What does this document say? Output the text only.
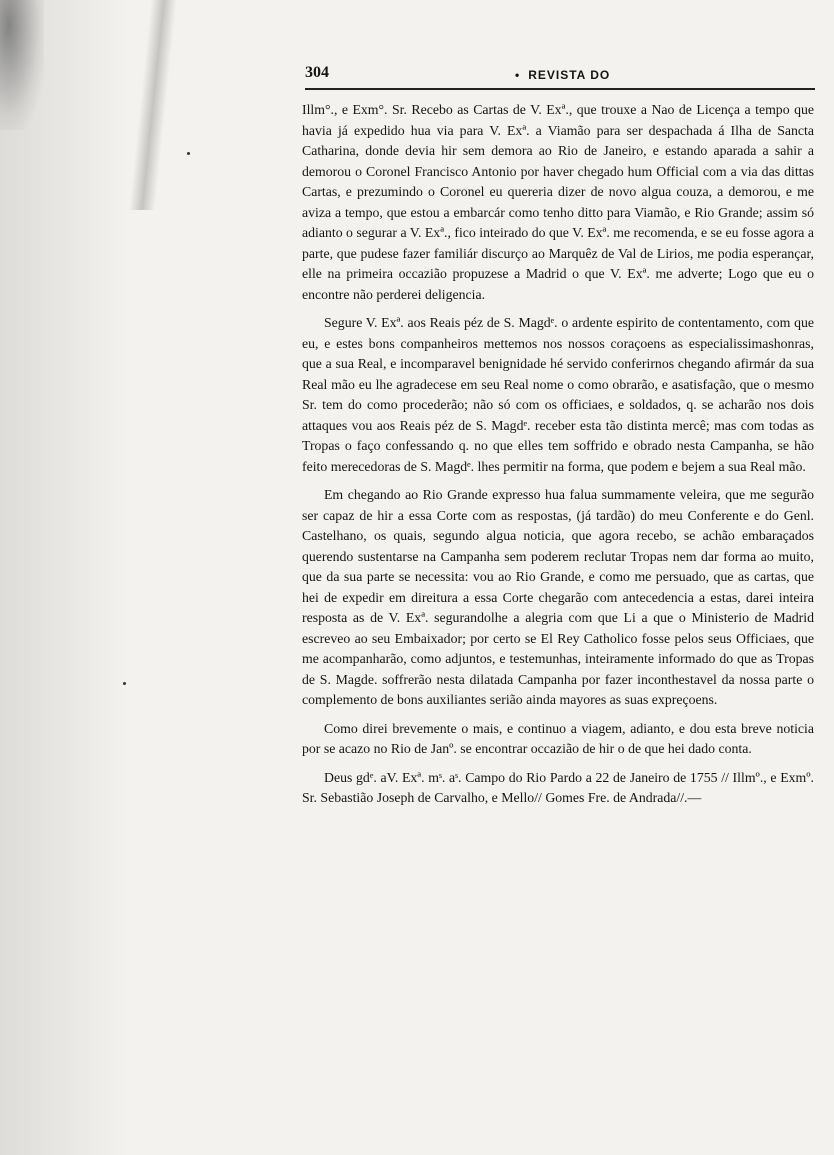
304	• REVISTA DO

Illm°., e Exm°. Sr. Recebo as Cartas de V. Exª., que trouxe a Nao de Licença a tempo que havia já expedido hua via para V. Exª. a Viamão para ser despachada á Ilha de Sancta Catharina, donde devia hir sem demora ao Rio de Janeiro, e estando aparada a sahir a demorou o Coronel Francisco Antonio por haver chegado hum Official com a via das dittas Cartas, e prezumindo o Coronel eu quereria dizer de novo algua couza, a demorou, e me aviza a tempo, que estou a embarcár como tenho ditto para Viamão, e Rio Grande; assim só adianto o segurar a V. Exª., fico inteirado do que V. Exª. me recomenda, e se eu fosse agora a parte, que pudese fazer familiár discurço ao Marquêz de Val de Lirios, me podia esperançar, elle na primeira occazião propuzese a Madrid o que V. Exª. me adverte; Logo que eu o encontre não perderei deligencia.

Segure V. Exª. aos Reais péz de S. Magdᵉ. o ardente espirito de contentamento, com que eu, e estes bons companheiros mettemos nos nossos coraçoens as especialissimashonras, que a sua Real, e incomparavel benignidade hé servido conferirnos chegando afirmár da sua Real mão eu lhe agradecese em seu Real nome o como obrarão, e asatisfação, que o mesmo Sr. tem do como procederão; não só com os officiaes, e soldados, q. se acharão nos dois attaques vou aos Reais péz de S. Magdᵉ. receber esta tão distinta mercê; mas com todas as Tropas o faço confessando q. no que elles tem soffrido e obrado nesta Campanha, se hão feito merecedoras de S. Magdᵉ. lhes permitir na forma, que podem e bejem a sua Real mão.

Em chegando ao Rio Grande expresso hua falua summamente veleira, que me segurão ser capaz de hir a essa Corte com as respostas, (já tardão) do meu Conferente e do Genl. Castelhano, os quais, segundo algua noticia, que agora recebo, se achão embaraçados querendo sustentarse na Campanha sem poderem reclutar Tropas nem dar forma ao muito, que da sua parte se necessita: vou ao Rio Grande, e como me persuado, que as cartas, que hei de expedir em direitura a essa Corte chegarão com antecedencia a estas, darei inteira resposta as de V. Exª. segurandolhe a alegria com que Li a que o Ministerio de Madrid escreveo ao seu Embaixador; por certo se El Rey Catholico fosse pelos seus Officiaes, que me acompanharão, como adjuntos, e testemunhas, inteiramente informado do que as Tropas de S. Magde. soffrerão nesta dilatada Campanha por fazer inconthestavel da nossa parte o complemento de bons auxiliantes serião ainda mayores as suas expreçoens.

Como direi brevemente o mais, e continuo a viagem, adianto, e dou esta breve noticia por se acazo no Rio de Janº. se encontrar occazião de hir o de que hei dado conta.

Deus gdᵉ. aV. Exª. mˢ. aˢ. Campo do Rio Pardo a 22 de Janeiro de 1755 // Illmº., e Exmº. Sr. Sebastião Joseph de Carvalho, e Mello// Gomes Fre. de Andrada//.—
